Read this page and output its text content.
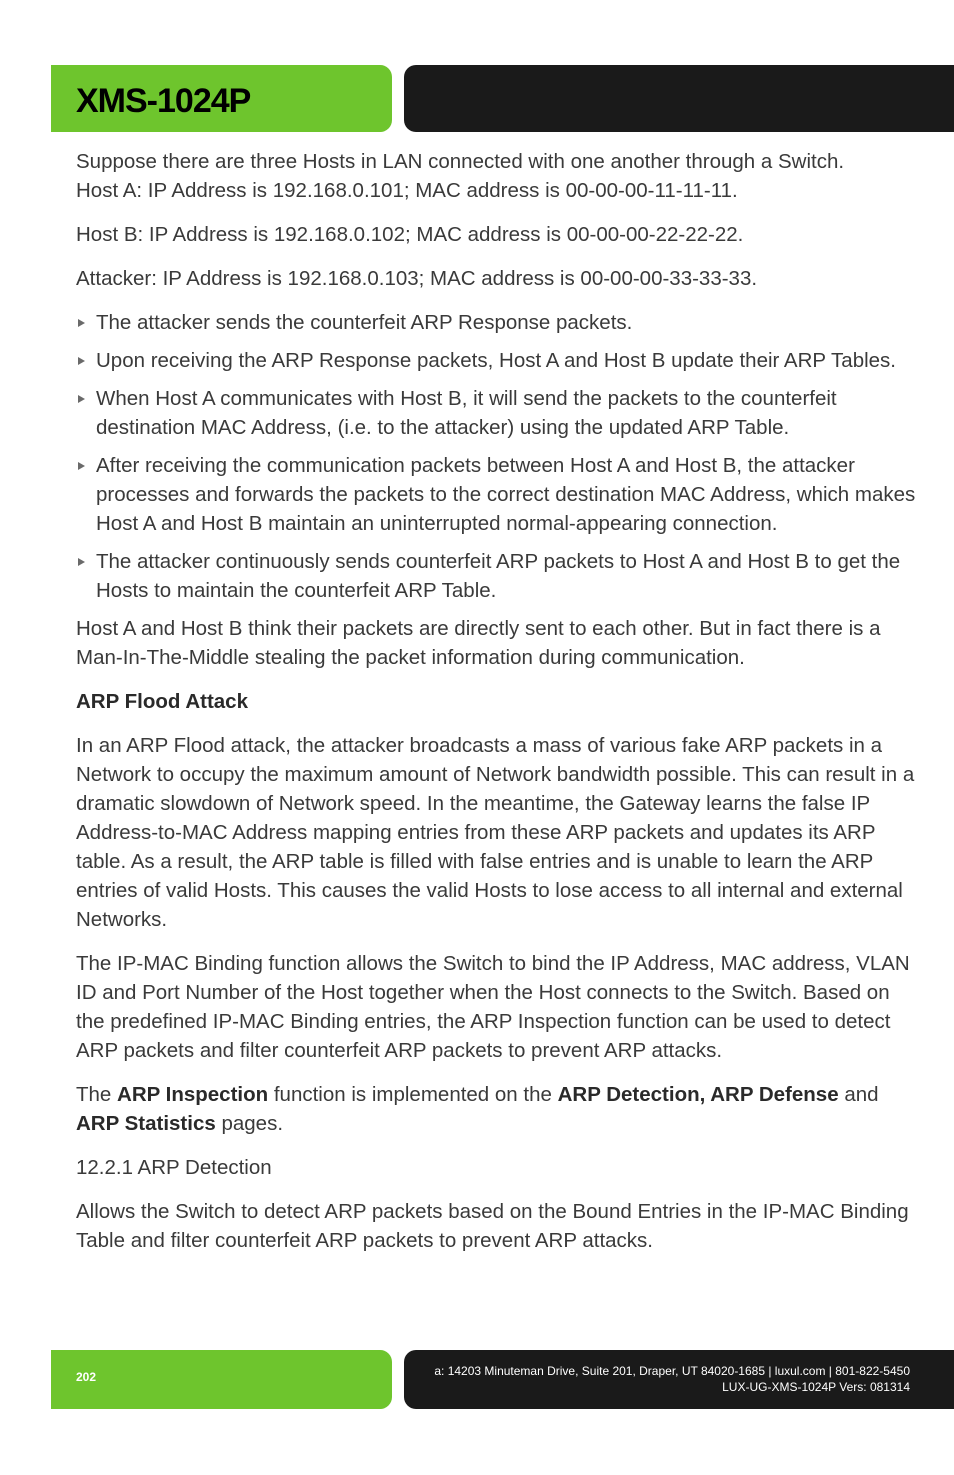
XMS-1024P

Suppose there are three Hosts in LAN connected with one another through a Switch.

Host A: IP Address is 192.168.0.101; MAC address is 00-00-00-11-11-11.

Host B: IP Address is 192.168.0.102; MAC address is 00-00-00-22-22-22.

Attacker: IP Address is 192.168.0.103; MAC address is 00-00-00-33-33-33.

The attacker sends the counterfeit ARP Response packets.
Upon receiving the ARP Response packets, Host A and Host B update their ARP Tables.
When Host A communicates with Host B, it will send the packets to the counterfeit destination MAC Address, (i.e. to the attacker) using the updated ARP Table.
After receiving the communication packets between Host A and Host B, the attacker processes and forwards the packets to the correct destination MAC Address, which makes Host A and Host B maintain an uninterrupted normal-appearing connection.
The attacker continuously sends counterfeit ARP packets to Host A and Host B to get the Hosts to maintain the counterfeit ARP Table.

Host A and Host B think their packets are directly sent to each other. But in fact there is a Man-In-The-Middle stealing the packet information during communication.

ARP Flood Attack

In an ARP Flood attack, the attacker broadcasts a mass of various fake ARP packets in a Network to occupy the maximum amount of Network bandwidth possible. This can result in a dramatic slowdown of Network speed. In the meantime, the Gateway learns the false IP Address-to-MAC Address mapping entries from these ARP packets and updates its ARP table. As a result, the ARP table is filled with false entries and is unable to learn the ARP entries of valid Hosts. This causes the valid Hosts to lose access to all internal and external Networks.

The IP-MAC Binding function allows the Switch to bind the IP Address, MAC address, VLAN ID and Port Number of the Host together when the Host connects to the Switch. Based on the predefined IP-MAC Binding entries, the ARP Inspection function can be used to detect ARP packets and filter counterfeit ARP packets to prevent ARP attacks.

The ARP Inspection function is implemented on the ARP Detection, ARP Defense and ARP Statistics pages.

12.2.1 ARP Detection

Allows the Switch to detect ARP packets based on the Bound Entries in the IP-MAC Binding Table and filter counterfeit ARP packets to prevent ARP attacks.

202	a: 14203 Minuteman Drive, Suite 201, Draper, UT 84020-1685 | luxul.com | 801-822-5450
LUX-UG-XMS-1024P Vers: 081314
